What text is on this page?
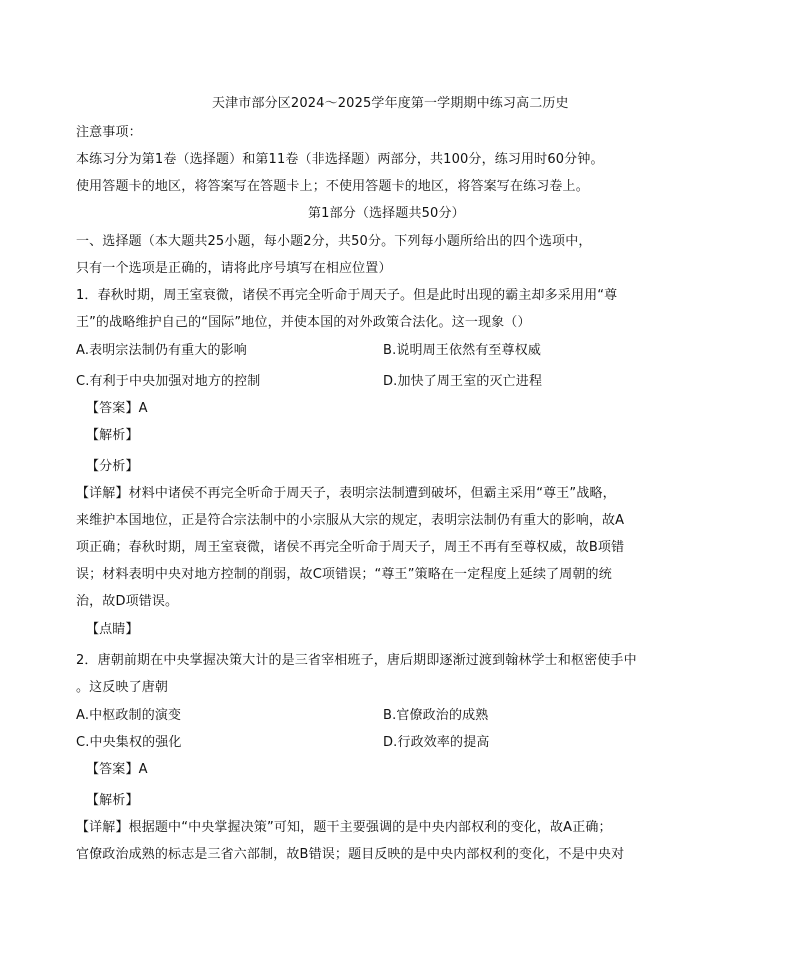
天津市部分区2024～2025学年度第一学期期中练习高二历史
注意事项：
本练习分为第1卷（选择题）和第11卷（非选择题）两部分，共100分，练习用时60分钟。
使用答题卡的地区，将答案写在答题卡上；不使用答题卡的地区，将答案写在练习卷上。
第1部分（选择题共50分）
一、选择题（本大题共25小题，每小题2分，共50分。下列每小题所给出的四个选项中，
只有一个选项是正确的，请将此序号填写在相应位置）
1．春秋时期，周王室衰微，诸侯不再完全听命于周天子。但是此时出现的霸主却多采用用“尊
王”的战略维护自己的“国际”地位，并使本国的对外政策合法化。这一现象（）
A.表明宗法制仍有重大的影响	B.说明周王依然有至尊权威
C.有利于中央加强对地方的控制	D.加快了周王室的灭亡进程
【答案】A
【解析】
【分析】
【详解】材料中诸侯不再完全听命于周天子，表明宗法制遭到破坏，但霸主采用“尊王”战略，
来维护本国地位，正是符合宗法制中的小宗服从大宗的规定，表明宗法制仍有重大的影响，故A
项正确；春秋时期，周王室衰微，诸侯不再完全听命于周天子，周王不再有至尊权威，故B项错
误；材料表明中央对地方控制的削弱，故C项错误；“尊王”策略在一定程度上延续了周朝的统
治，故D项错误。
【点睛】
2．唐朝前期在中央掌握决策大计的是三省宰相班子，唐后期即逐渐过渡到翰林学士和枢密使手中
。这反映了唐朝
A.中枢政制的演变	B.官僚政治的成熟
C.中央集权的强化	D.行政效率的提高
【答案】A
【解析】
【详解】根据题中“中央掌握决策”可知，题干主要强调的是中央内部权利的变化，故A正确；
官僚政治成熟的标志是三省六部制，故B错误；题目反映的是中央内部权利的变化，不是中央对
